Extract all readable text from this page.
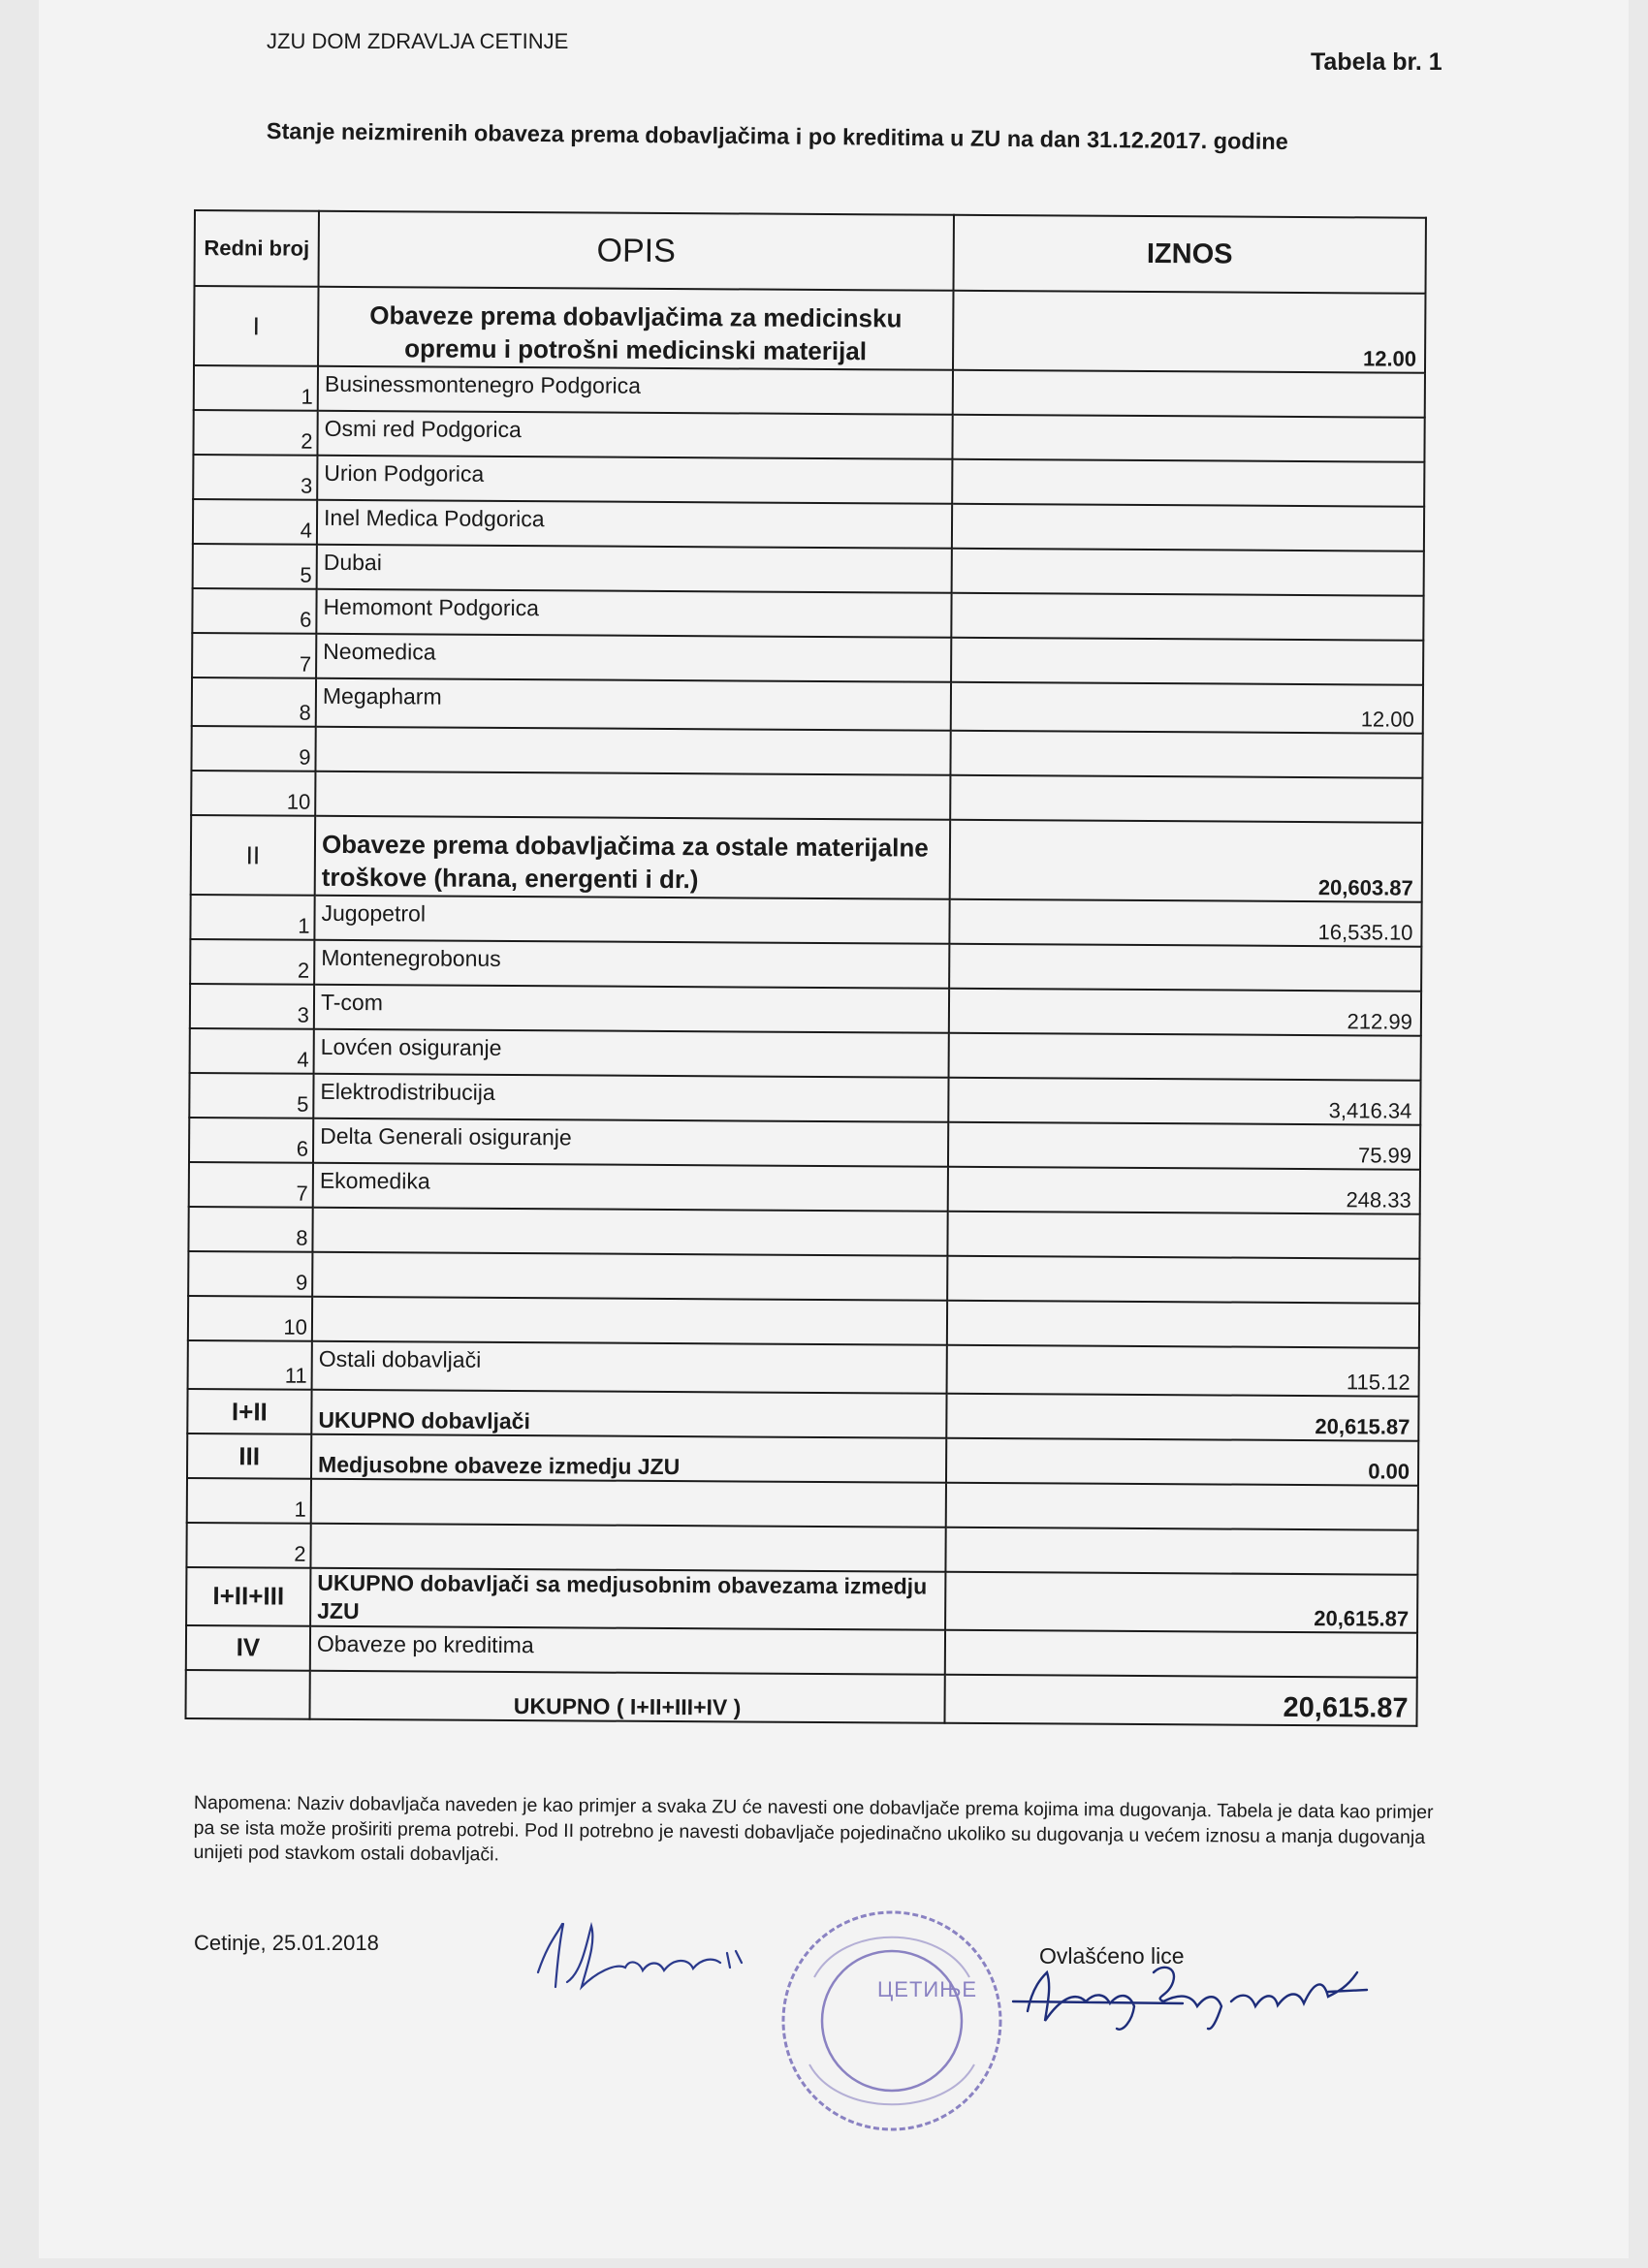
JZU DOM ZDRAVLJA CETINJE
Tabela br. 1
Stanje neizmirenih obaveza prema dobavljačima i po kreditima u ZU na dan 31.12.2017. godine
Redni broj	OPIS	IZNOS
I	Obaveze prema dobavljačima za medicinsku opremu i potrošni medicinski materijal	12.00
1	Businessmontenegro Podgorica	
2	Osmi red Podgorica	
3	Urion Podgorica	
4	Inel Medica Podgorica	
5	Dubai	
6	Hemomont Podgorica	
7	Neomedica	
8	Megapharm	12.00
9		
10		
II	Obaveze prema dobavljačima za ostale materijalne troškove (hrana, energenti i dr.)	20,603.87
1	Jugopetrol	16,535.10
2	Montenegrobonus	
3	T-com	212.99
4	Lovćen osiguranje	
5	Elektrodistribucija	3,416.34
6	Delta Generali osiguranje	75.99
7	Ekomedika	248.33
8		
9		
10		
11	Ostali dobavljači	115.12
I+II	UKUPNO dobavljači	20,615.87
III	Medjusobne obaveze izmedju JZU	0.00
1		
2		
I+II+III	UKUPNO dobavljači sa medjusobnim obavezama izmedju JZU	20,615.87
IV	Obaveze po kreditima	
	UKUPNO ( I+II+III+IV )	20,615.87
Napomena: Naziv dobavljača naveden je kao primjer a svaka ZU će navesti one dobavljače prema kojima ima dugovanja. Tabela je data kao primjer pa se ista može proširiti prema potrebi. Pod II potrebno je navesti dobavljače pojedinačno ukoliko su dugovanja u većem iznosu a manja dugovanja unijeti pod stavkom ostali dobavljači.
Cetinje, 25.01.2018
ЦЕТИЊЕ
Ovlašćeno lice
